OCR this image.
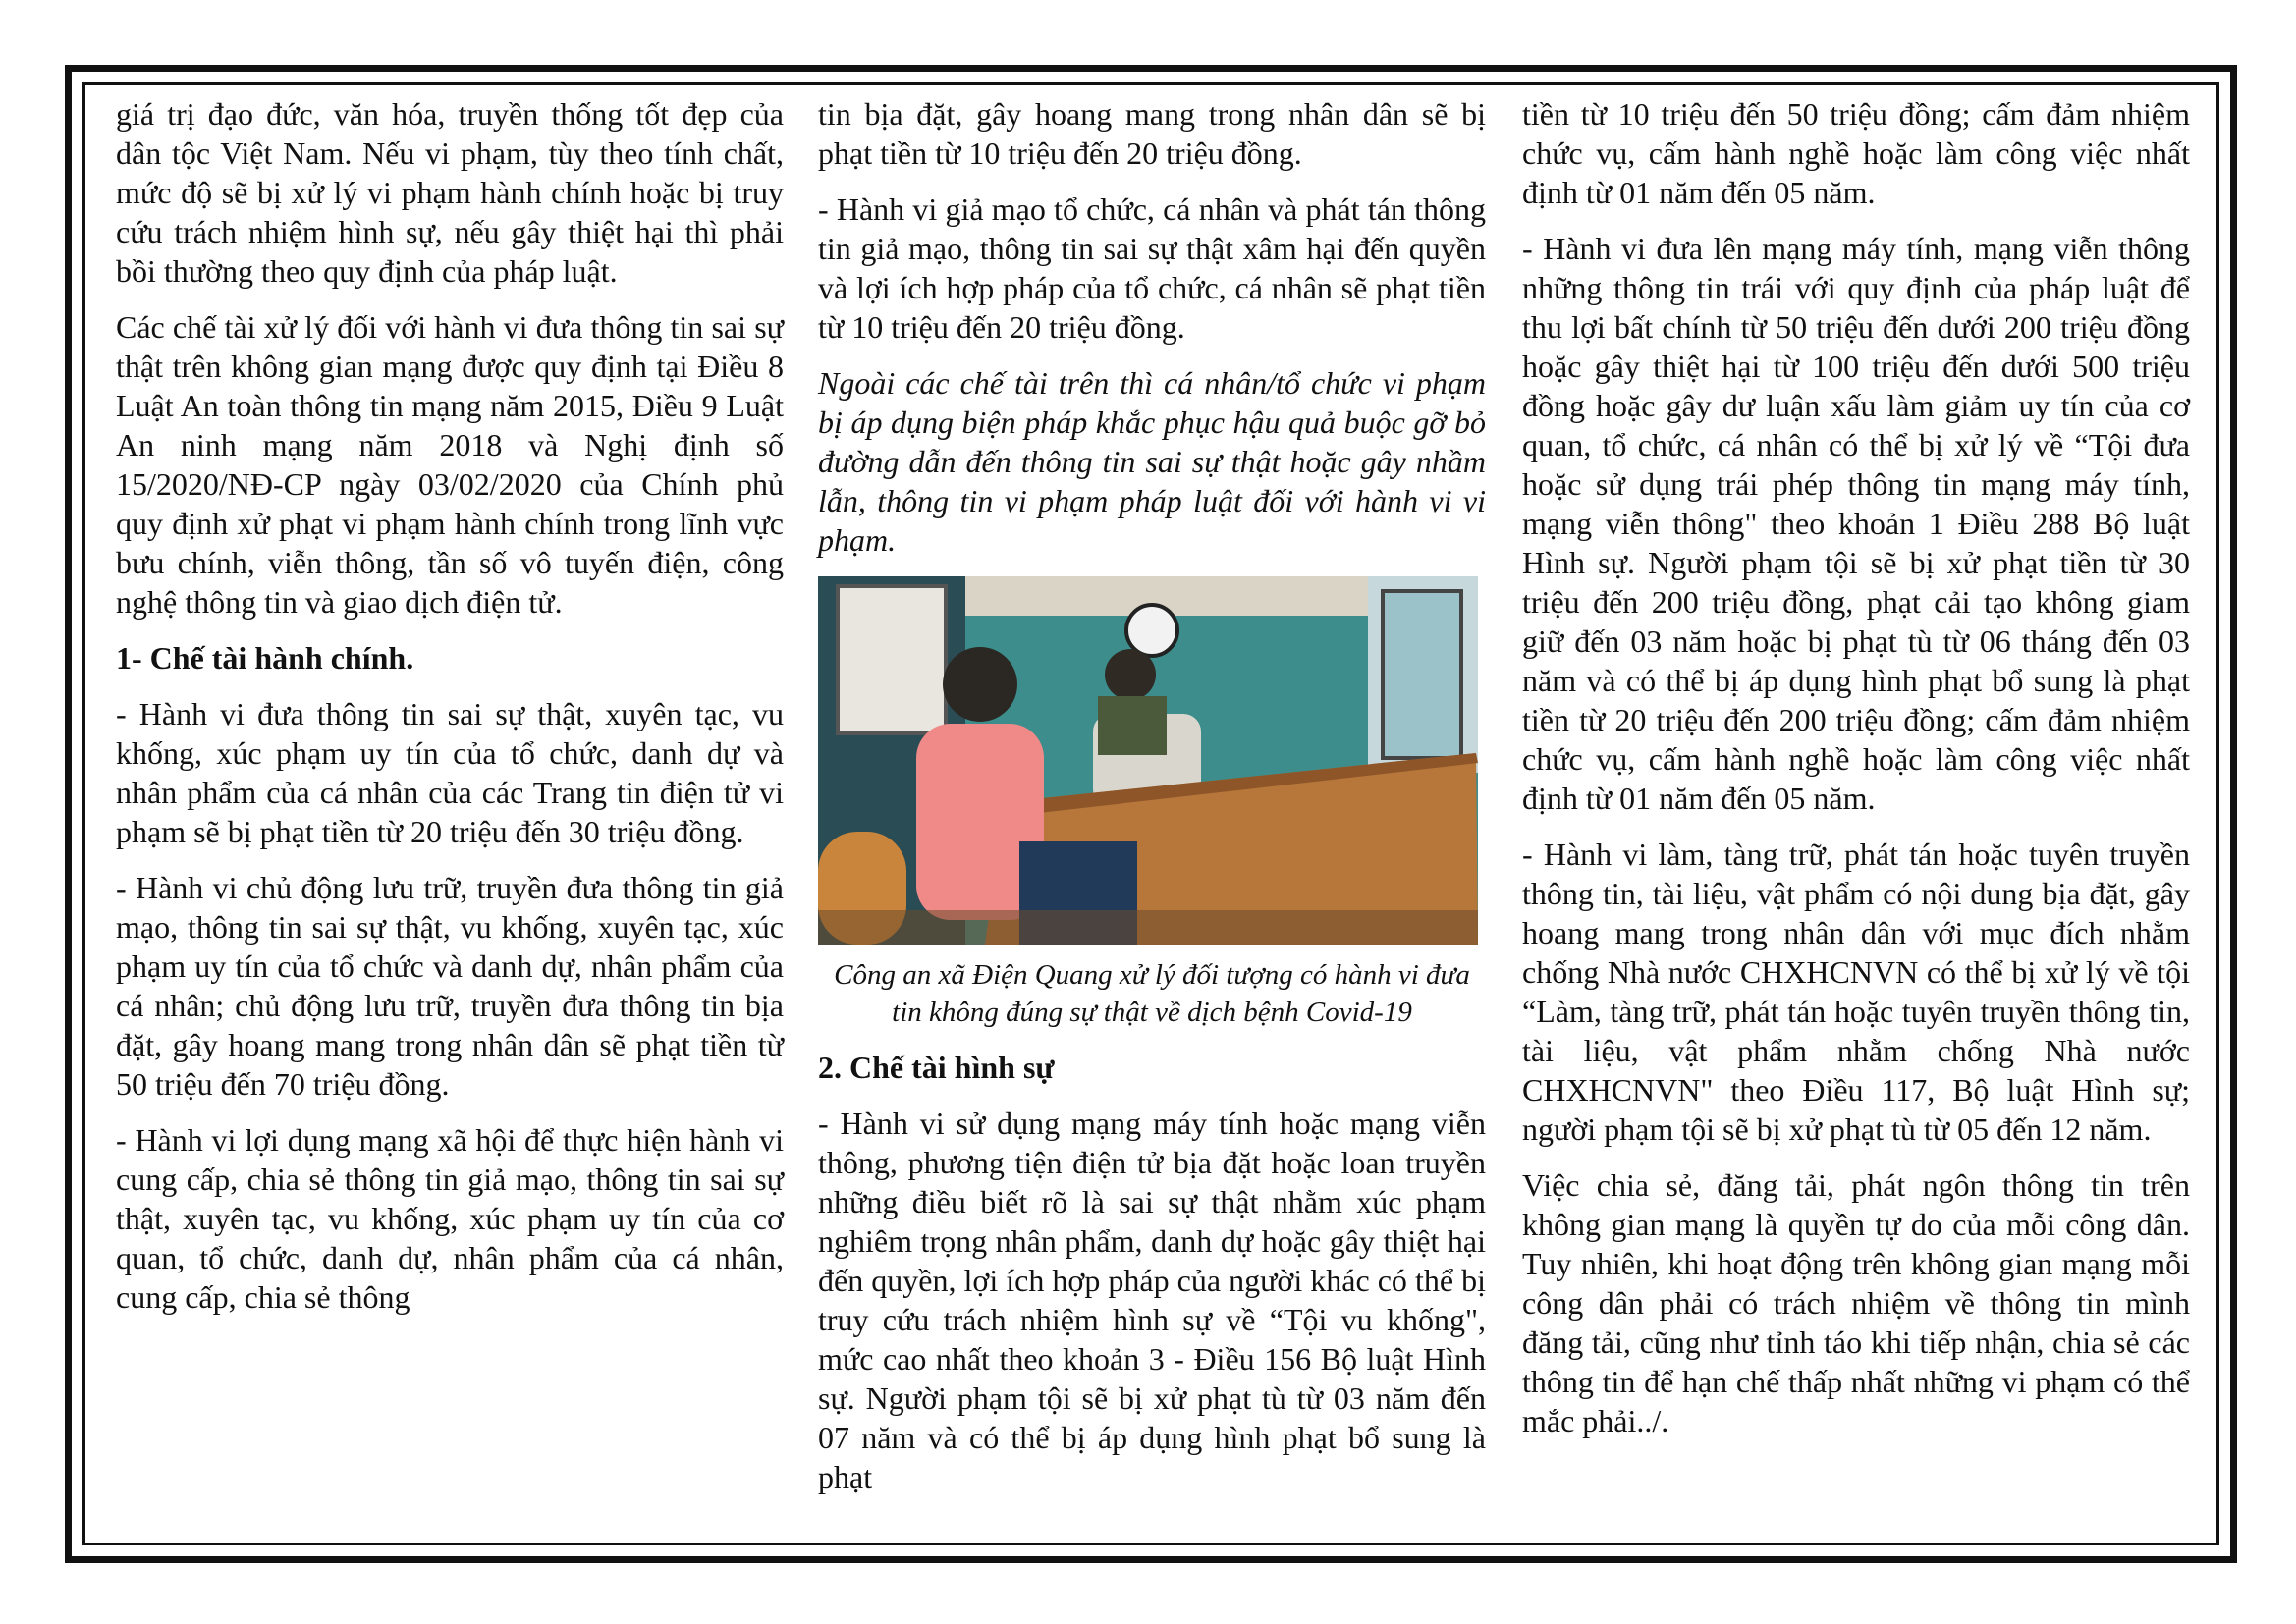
giá trị đạo đức, văn hóa, truyền thống tốt đẹp của dân tộc Việt Nam. Nếu vi phạm, tùy theo tính chất, mức độ sẽ bị xử lý vi phạm hành chính hoặc bị truy cứu trách nhiệm hình sự, nếu gây thiệt hại thì phải bồi thường theo quy định của pháp luật.

Các chế tài xử lý đối với hành vi đưa thông tin sai sự thật trên không gian mạng được quy định tại Điều 8 Luật An toàn thông tin mạng năm 2015, Điều 9 Luật An ninh mạng năm 2018 và Nghị định số 15/2020/NĐ-CP ngày 03/02/2020 của Chính phủ quy định xử phạt vi phạm hành chính trong lĩnh vực bưu chính, viễn thông, tần số vô tuyến điện, công nghệ thông tin và giao dịch điện tử.

1- Chế tài hành chính.

- Hành vi đưa thông tin sai sự thật, xuyên tạc, vu khống, xúc phạm uy tín của tổ chức, danh dự và nhân phẩm của cá nhân của các Trang tin điện tử vi phạm sẽ bị phạt tiền từ 20 triệu đến 30 triệu đồng.

- Hành vi chủ động lưu trữ, truyền đưa thông tin giả mạo, thông tin sai sự thật, vu khống, xuyên tạc, xúc phạm uy tín của tổ chức và danh dự, nhân phẩm của cá nhân; chủ động lưu trữ, truyền đưa thông tin bịa đặt, gây hoang mang trong nhân dân sẽ phạt tiền từ 50 triệu đến 70 triệu đồng.

- Hành vi lợi dụng mạng xã hội để thực hiện hành vi cung cấp, chia sẻ thông tin giả mạo, thông tin sai sự thật, xuyên tạc, vu khống, xúc phạm uy tín của cơ quan, tổ chức, danh dự, nhân phẩm của cá nhân, cung cấp, chia sẻ thông

tin bịa đặt, gây hoang mang trong nhân dân sẽ bị phạt tiền từ 10 triệu đến 20 triệu đồng.

- Hành vi giả mạo tổ chức, cá nhân và phát tán thông tin giả mạo, thông tin sai sự thật xâm hại đến quyền và lợi ích hợp pháp của tổ chức, cá nhân sẽ phạt tiền từ 10 triệu đến 20 triệu đồng.

Ngoài các chế tài trên thì cá nhân/tổ chức vi phạm bị áp dụng biện pháp khắc phục hậu quả buộc gỡ bỏ đường dẫn đến thông tin sai sự thật hoặc gây nhầm lẫn, thông tin vi phạm pháp luật đối với hành vi vi phạm.

Công an xã Điện Quang xử lý đối tượng có hành vi đưa tin không đúng sự thật về dịch bệnh Covid-19

2. Chế tài hình sự

- Hành vi sử dụng mạng máy tính hoặc mạng viễn thông, phương tiện điện tử bịa đặt hoặc loan truyền những điều biết rõ là sai sự thật nhằm xúc phạm nghiêm trọng nhân phẩm, danh dự hoặc gây thiệt hại đến quyền, lợi ích hợp pháp của người khác có thể bị truy cứu trách nhiệm hình sự về “Tội vu khống", mức cao nhất theo khoản 3 - Điều 156 Bộ luật Hình sự. Người phạm tội sẽ bị xử phạt tù từ 03 năm đến 07 năm và có thể bị áp dụng hình phạt bổ sung là phạt

tiền từ 10 triệu đến 50 triệu đồng; cấm đảm nhiệm chức vụ, cấm hành nghề hoặc làm công việc nhất định từ 01 năm đến 05 năm.

- Hành vi đưa lên mạng máy tính, mạng viễn thông những thông tin trái với quy định của pháp luật để thu lợi bất chính từ 50 triệu đến dưới 200 triệu đồng hoặc gây thiệt hại từ 100 triệu đến dưới 500 triệu đồng hoặc gây dư luận xấu làm giảm uy tín của cơ quan, tổ chức, cá nhân có thể bị xử lý về “Tội đưa hoặc sử dụng trái phép thông tin mạng máy tính, mạng viễn thông" theo khoản 1 Điều 288 Bộ luật Hình sự. Người phạm tội sẽ bị xử phạt tiền từ 30 triệu đến 200 triệu đồng, phạt cải tạo không giam giữ đến 03 năm hoặc bị phạt tù từ 06 tháng đến 03 năm và có thể bị áp dụng hình phạt bổ sung là phạt tiền từ 20 triệu đến 200 triệu đồng; cấm đảm nhiệm chức vụ, cấm hành nghề hoặc làm công việc nhất định từ 01 năm đến 05 năm.

- Hành vi làm, tàng trữ, phát tán hoặc tuyên truyền thông tin, tài liệu, vật phẩm có nội dung bịa đặt, gây hoang mang trong nhân dân với mục đích nhằm chống Nhà nước CHXHCNVN có thể bị xử lý về tội “Làm, tàng trữ, phát tán hoặc tuyên truyền thông tin, tài liệu, vật phẩm nhằm chống Nhà nước CHXHCNVN" theo Điều 117, Bộ luật Hình sự; người phạm tội sẽ bị xử phạt tù từ 05 đến 12 năm.

Việc chia sẻ, đăng tải, phát ngôn thông tin trên không gian mạng là quyền tự do của mỗi công dân. Tuy nhiên, khi hoạt động trên không gian mạng mỗi công dân phải có trách nhiệm về thông tin mình đăng tải, cũng như tỉnh táo khi tiếp nhận, chia sẻ các thông tin để hạn chế thấp nhất những vi phạm có thể mắc phải../.
